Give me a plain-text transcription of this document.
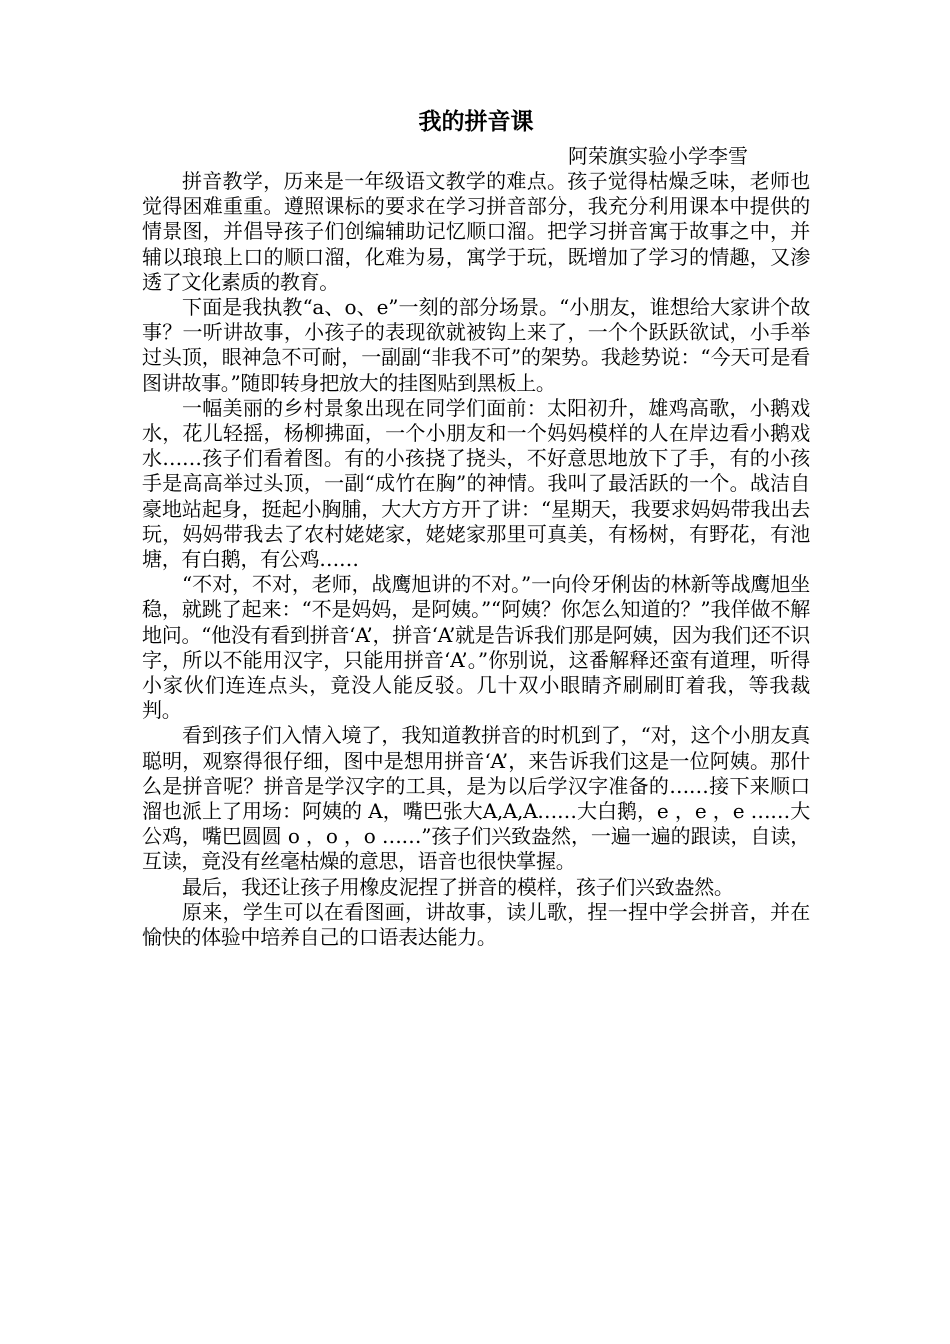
我的拼音课
阿荣旗实验小学李雪

拼音教学，历来是一年级语文教学的难点。孩子觉得枯燥乏味，老师也觉得困难重重。遵照课标的要求在学习拼音部分，我充分利用课本中提供的情景图，并倡导孩子们创编辅助记忆顺口溜。把学习拼音寓于故事之中，并辅以琅琅上口的顺口溜，化难为易，寓学于玩，既增加了学习的情趣，又渗透了文化素质的教育。

下面是我执教“a、o、e”一刻的部分场景。“小朋友，谁想给大家讲个故事？一听讲故事，小孩子的表现欲就被钩上来了，一个个跃跃欲试，小手举过头顶，眼神急不可耐，一副副“非我不可”的架势。我趁势说：“今天可是看图讲故事。”随即转身把放大的挂图贴到黑板上。

一幅美丽的乡村景象出现在同学们面前：太阳初升，雄鸡高歌，小鹅戏水，花儿轻摇，杨柳拂面，一个小朋友和一个妈妈模样的人在岸边看小鹅戏水……孩子们看着图。有的小孩挠了挠头，不好意思地放下了手，有的小孩手是高高举过头顶，一副“成竹在胸”的神情。我叫了最活跃的一个。战洁自豪地站起身，挺起小胸脯，大大方方开了讲：“星期天，我要求妈妈带我出去玩，妈妈带我去了农村姥姥家，姥姥家那里可真美，有杨树，有野花，有池塘，有白鹅，有公鸡……

“不对，不对，老师，战鹰旭讲的不对。”一向伶牙俐齿的林新等战鹰旭坐稳，就跳了起来：“不是妈妈，是阿姨。”“阿姨？你怎么知道的？”我佯做不解地问。“他没有看到拼音‘A’，拼音‘A’就是告诉我们那是阿姨，因为我们还不识字，所以不能用汉字，只能用拼音‘A’。”你别说，这番解释还蛮有道理，听得小家伙们连连点头，竟没人能反驳。几十双小眼睛齐刷刷盯着我，等我裁判。

看到孩子们入情入境了，我知道教拼音的时机到了，“对，这个小朋友真聪明，观察得很仔细，图中是想用拼音‘A’，来告诉我们这是一位阿姨。那什么是拼音呢？拼音是学汉字的工具，是为以后学汉字准备的……接下来顺口溜也派上了用场：阿姨的 A，嘴巴张大A,A,A……大白鹅，e ，e ，e ……大公鸡，嘴巴圆圆 o ，o ，o ……”孩子们兴致盎然，一遍一遍的跟读，自读，互读，竟没有丝毫枯燥的意思，语音也很快掌握。

最后，我还让孩子用橡皮泥捏了拼音的模样，孩子们兴致盎然。

原来，学生可以在看图画，讲故事，读儿歌，捏一捏中学会拼音，并在愉快的体验中培养自己的口语表达能力。
